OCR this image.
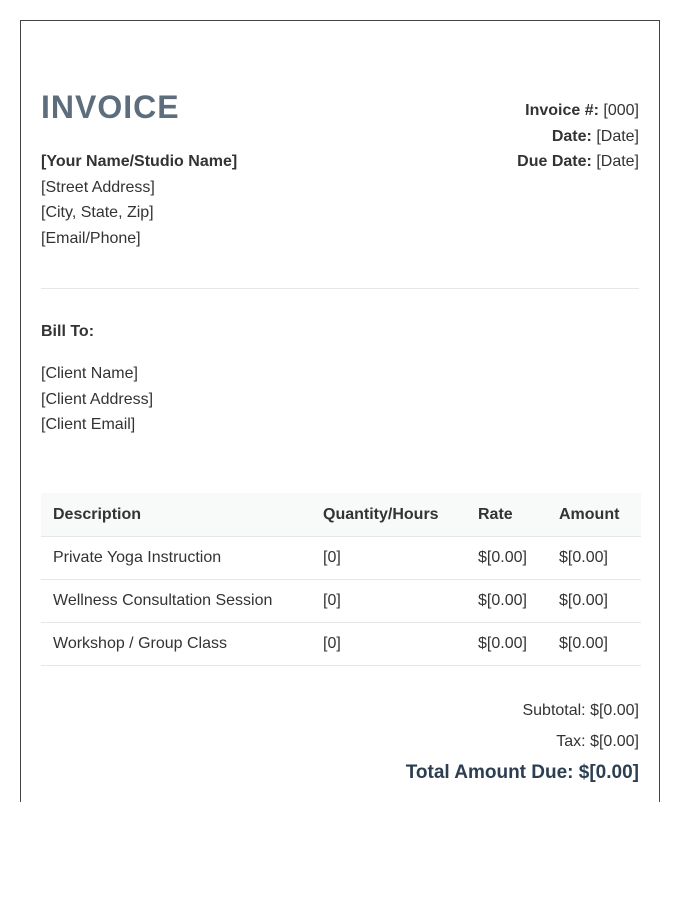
INVOICE
[Your Name/Studio Name]
[Street Address]
[City, State, Zip]
[Email/Phone]
Invoice #: [000]
Date: [Date]
Due Date: [Date]
Bill To:
[Client Name]
[Client Address]
[Client Email]
Description	Quantity/Hours	Rate	Amount
Private Yoga Instruction	[0]	$[0.00]	$[0.00]
Wellness Consultation Session	[0]	$[0.00]	$[0.00]
Workshop / Group Class	[0]	$[0.00]	$[0.00]
Subtotal: $[0.00]
Tax: $[0.00]
Total Amount Due: $[0.00]
